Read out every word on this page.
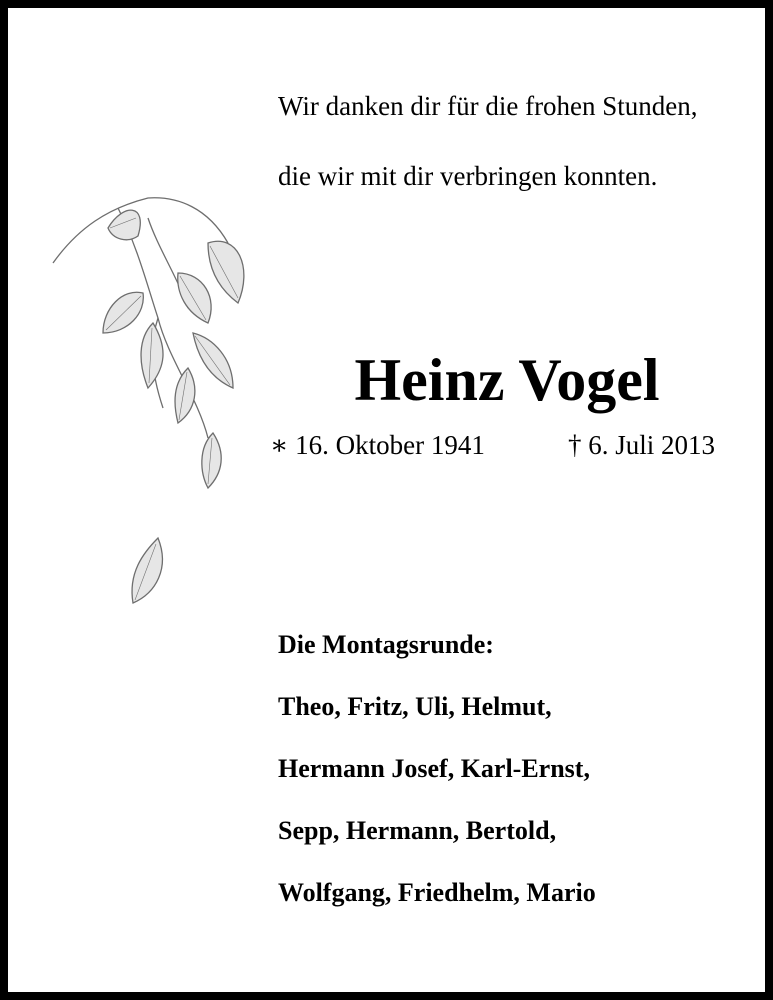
Wir danken dir für die frohen Stunden,
die wir mit dir verbringen konnten.
Heinz Vogel
∗ 16. Oktober 1941	† 6. Juli 2013
Die Montagsrunde:
Theo, Fritz, Uli, Helmut,
Hermann Josef, Karl-Ernst,
Sepp, Hermann, Bertold,
Wolfgang, Friedhelm, Mario
